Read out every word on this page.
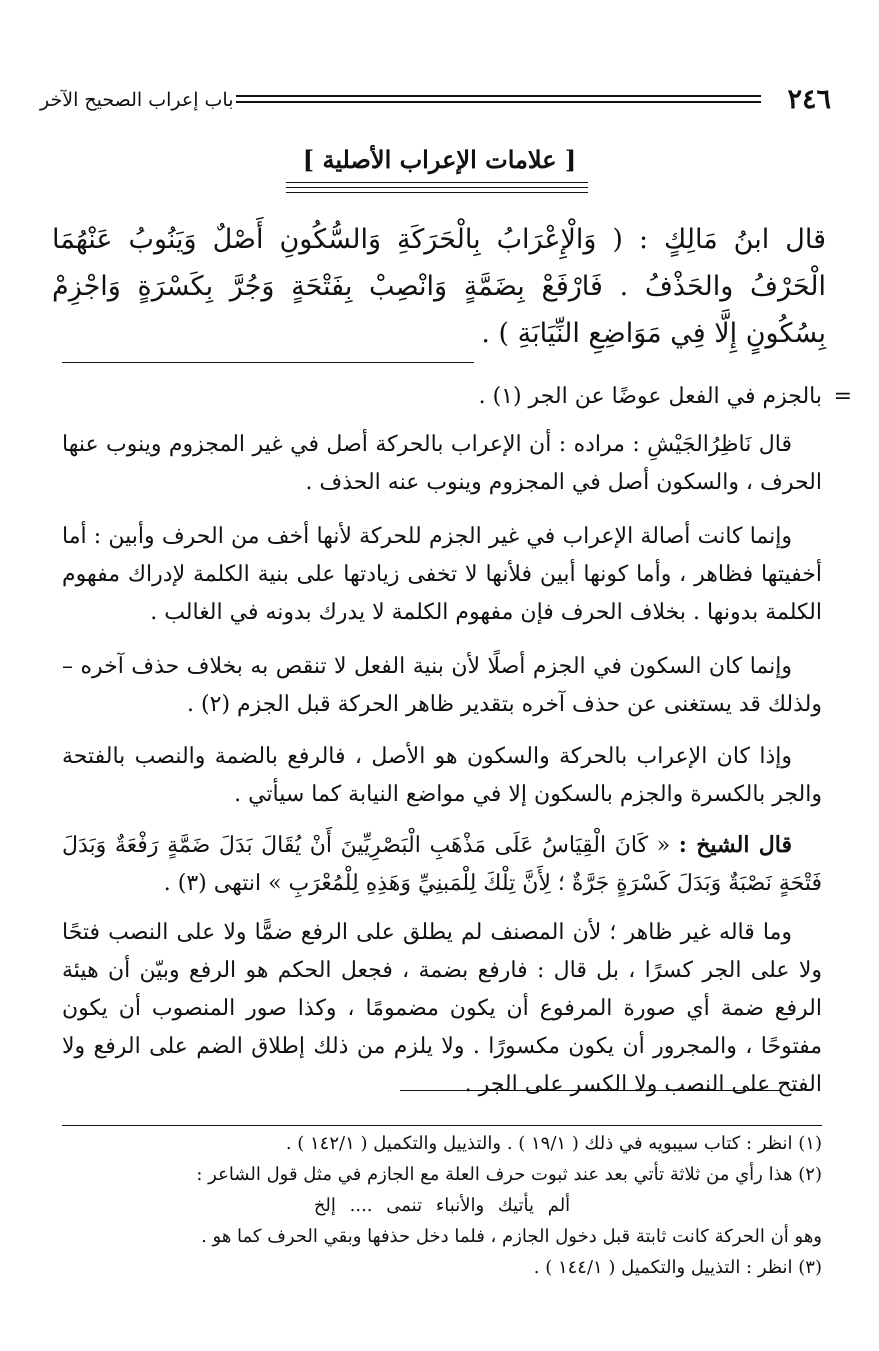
٢٤٦
باب إعراب الصحيح الآخر
[ علامات الإعراب الأصلية ]
قال ابنُ مَالِكٍ : ( وَالْإِعْرَابُ بِالْحَرَكَةِ وَالسُّكُونِ أَصْلٌ وَيَنُوبُ عَنْهُمَا الْحَرْفُ والحَذْفُ . فَارْفَعْ بِضَمَّةٍ وَانْصِبْ بِفَتْحَةٍ وَجُرَّ بِكَسْرَةٍ وَاجْزِمْ بِسُكُونٍ إِلَّا فِي مَوَاضِعِ النِّيَابَةِ ) .

=
بالجزم في الفعل عوضًا عن الجر (١) .

قال نَاظِرُالجَيْشِ : مراده : أن الإعراب بالحركة أصل في غير المجزوم وينوب عنها الحرف ، والسكون أصل في المجزوم وينوب عنه الحذف .

وإنما كانت أصالة الإعراب في غير الجزم للحركة لأنها أخف من الحرف وأبين : أما أخفيتها فظاهر ، وأما كونها أبين فلأنها لا تخفى زيادتها على بنية الكلمة لإدراك مفهوم الكلمة بدونها . بخلاف الحرف فإن مفهوم الكلمة لا يدرك بدونه في الغالب .

وإنما كان السكون في الجزم أصلًا لأن بنية الفعل لا تنقص به بخلاف حذف آخره – ولذلك قد يستغنى عن حذف آخره بتقدير ظاهر الحركة قبل الجزم (٢) .

وإذا كان الإعراب بالحركة والسكون هو الأصل ، فالرفع بالضمة والنصب بالفتحة والجر بالكسرة والجزم بالسكون إلا في مواضع النيابة كما سيأتي .

قال الشيخ : « كَانَ الْقِيَاسُ عَلَى مَذْهَبِ الْبَصْرِيِّينَ أَنْ يُقَالَ بَدَلَ ضَمَّةٍ رَفْعَةٌ وَبَدَلَ فَتْحَةٍ نَصْبَةٌ وَبَدَلَ كَسْرَةٍ جَرَّةٌ ؛ لِأَنَّ تِلْكَ لِلْمَبنِيِّ وَهَذِهِ لِلْمُعْرَبِ » انتهى (٣) .

وما قاله غير ظاهر ؛ لأن المصنف لم يطلق على الرفع ضمًّا ولا على النصب فتحًا ولا على الجر كسرًا ، بل قال : فارفع بضمة ، فجعل الحكم هو الرفع وبيّن أن هيئة الرفع ضمة أي صورة المرفوع أن يكون مضمومًا ، وكذا صور المنصوب أن يكون مفتوحًا ، والمجرور أن يكون مكسورًا . ولا يلزم من ذلك إطلاق الضم على الرفع ولا الفتح على النصب ولا الكسر على الجر .

(١) انظر : كتاب سيبويه في ذلك ( ١٩/١ ) . والتذييل والتكميل ( ١٤٢/١ ) .

(٢) هذا رأي من ثلاثة تأتي بعد عند ثبوت حرف العلة مع الجازم في مثل قول الشاعر :

ألم يأتيك والأنباء تنمى .... إلخ

وهو أن الحركة كانت ثابتة قبل دخول الجازم ، فلما دخل حذفها وبقي الحرف كما هو .

(٣) انظر : التذييل والتكميل ( ١٤٤/١ ) .
